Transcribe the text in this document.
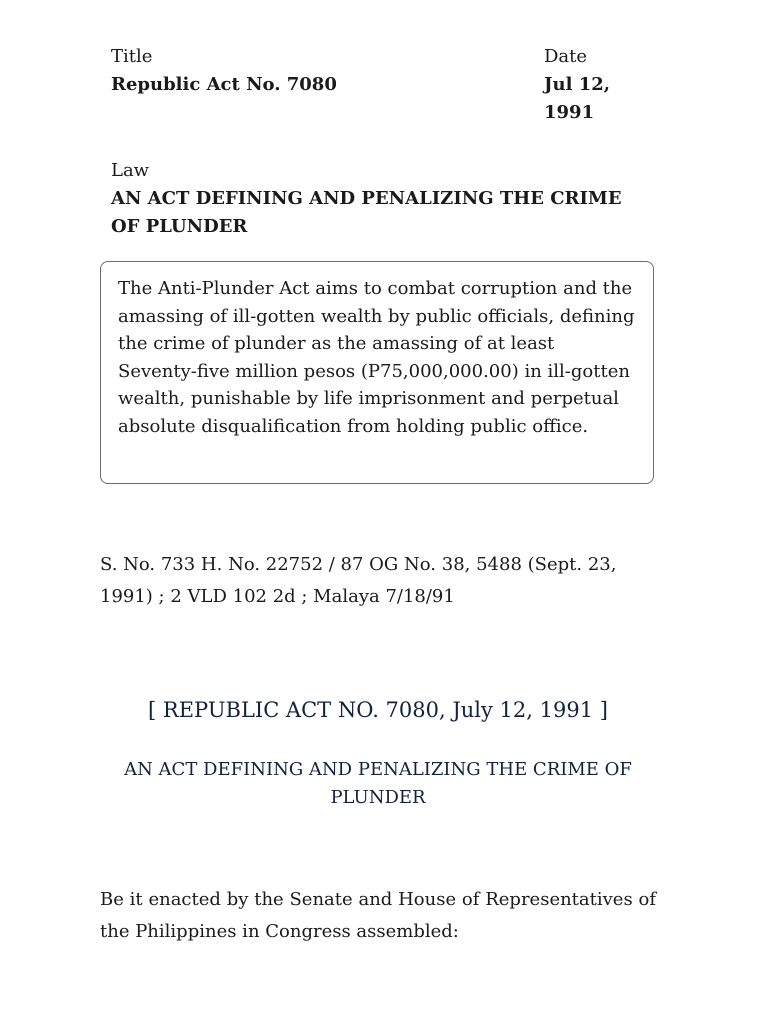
Title
Republic Act No. 7080
Date
Jul 12, 1991
Law
AN ACT DEFINING AND PENALIZING THE CRIME OF PLUNDER
The Anti-Plunder Act aims to combat corruption and the amassing of ill-gotten wealth by public officials, defining the crime of plunder as the amassing of at least Seventy-five million pesos (P75,000,000.00) in ill-gotten wealth, punishable by life imprisonment and perpetual absolute disqualification from holding public office.
S. No. 733 H. No. 22752 / 87 OG No. 38, 5488 (Sept. 23, 1991) ; 2 VLD 102 2d ; Malaya 7/18/91
[ REPUBLIC ACT NO. 7080, July 12, 1991 ]
AN ACT DEFINING AND PENALIZING THE CRIME OF PLUNDER
Be it enacted by the Senate and House of Representatives of the Philippines in Congress assembled:
